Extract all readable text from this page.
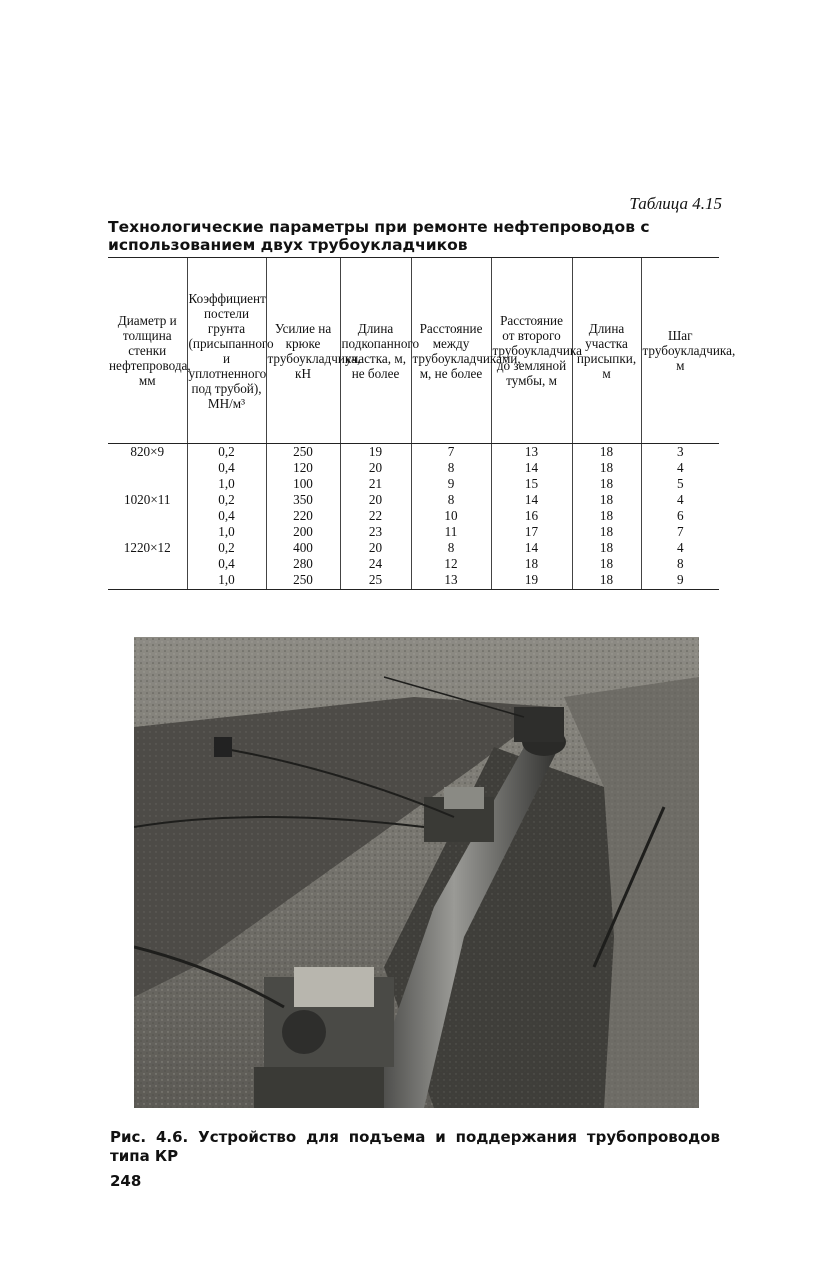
Таблица 4.15
Технологические параметры при ремонте нефтепроводов с использованием двух трубоукладчиков
Диаметр и толщина стенки нефтепровода, мм	Коэффициент постели грунта (присыпанного и уплотненного под трубой), МН/м³	Усилие на крюке трубоукладчика, кН	Длина подкопанного участка, м, не более	Расстояние между трубоукладчиками, м, не более	Расстояние от второго трубоукладчика до земляной тумбы, м	Длина участка присыпки, м	Шаг трубоукладчика, м
820×9	0,2	250	19	7	13	18	3
	0,4	120	20	8	14	18	4
	1,0	100	21	9	15	18	5
1020×11	0,2	350	20	8	14	18	4
	0,4	220	22	10	16	18	6
	1,0	200	23	11	17	18	7
1220×12	0,2	400	20	8	14	18	4
	0,4	280	24	12	18	18	8
	1,0	250	25	13	19	18	9
Рис. 4.6. Устройство для подъема и поддержания трубопроводов типа КР
248
